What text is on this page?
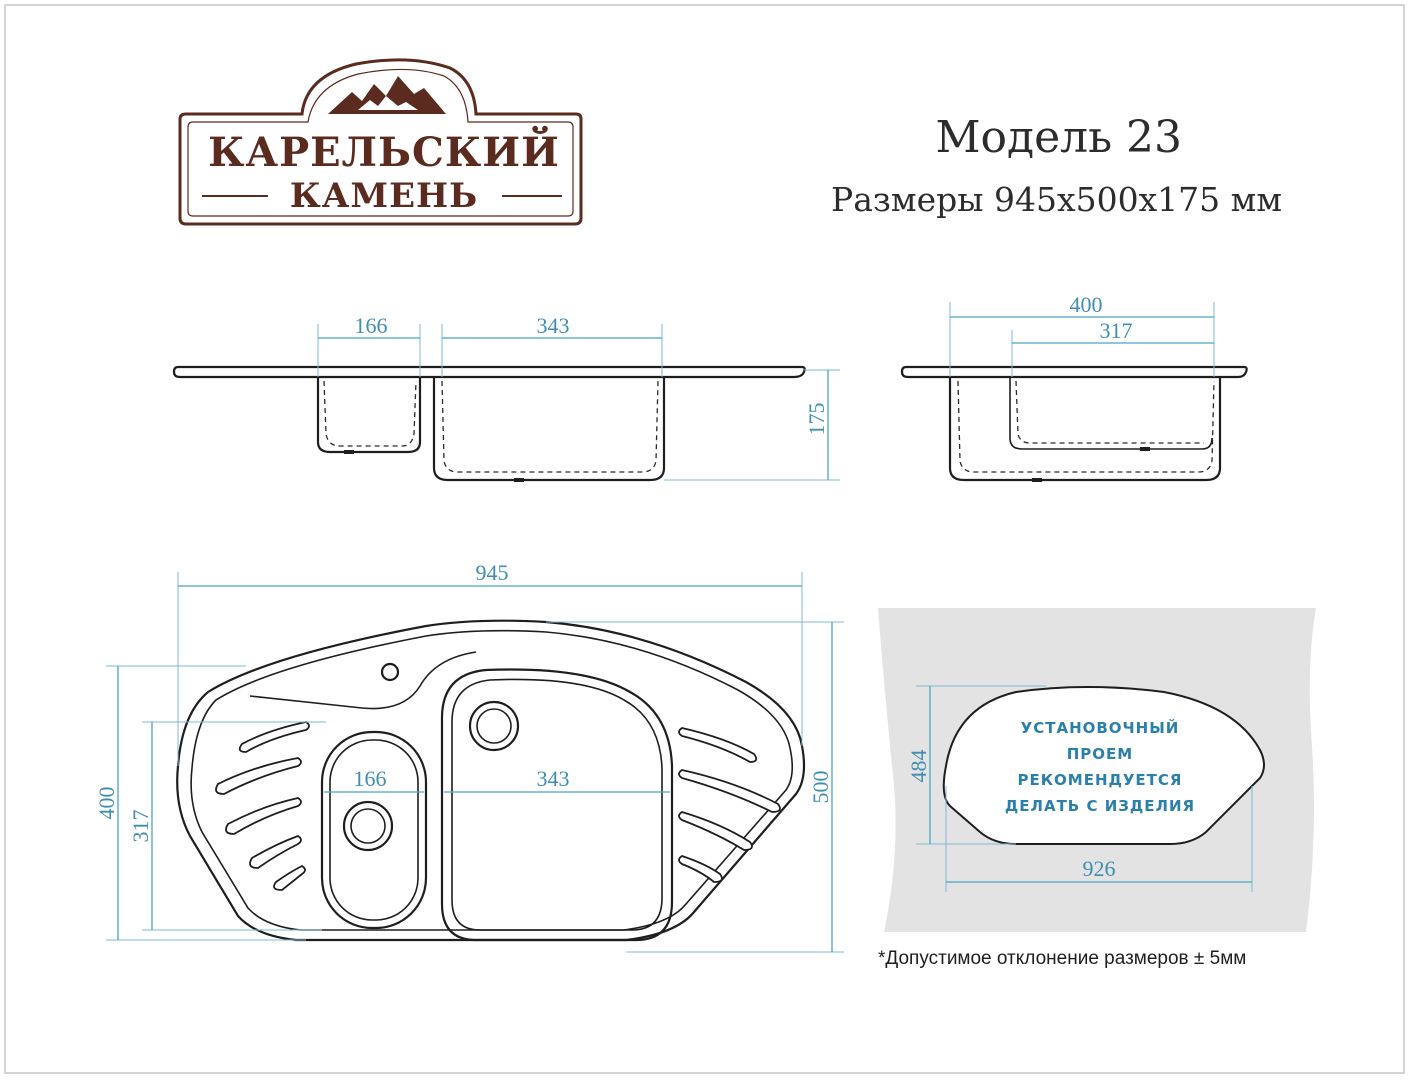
КАРЕЛЬСКИЙ
КАМЕНЬ
Модель 23
Размеры 945х500х175 мм
166	343
175
400
317
945
500
400
317
166	343
УСТАНОВОЧНЫЙ
ПРОЕМ
РЕКОМЕНДУЕТСЯ
ДЕЛАТЬ С ИЗДЕЛИЯ
484
926
*Допустимое отклонение размеров ± 5мм
